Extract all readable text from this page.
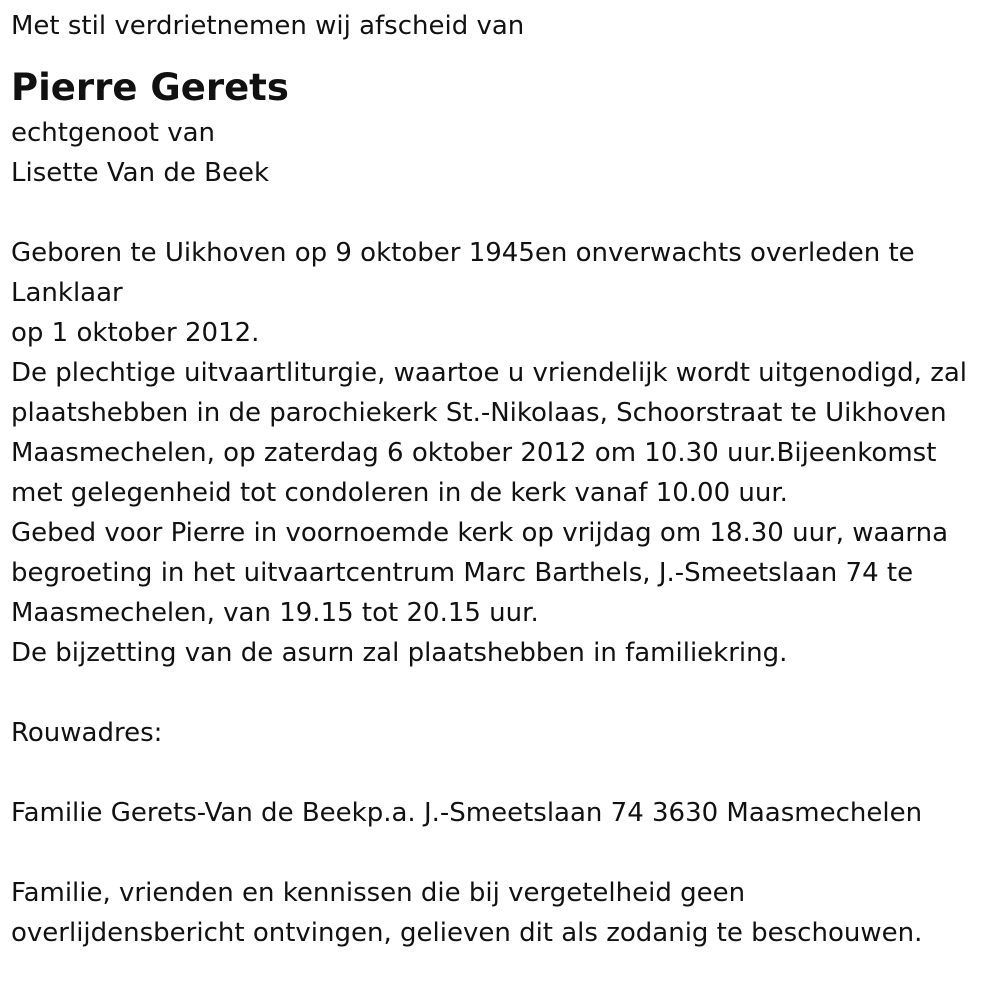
Met stil verdrietnemen wij afscheid van

Pierre Gerets

echtgenoot van

Lisette Van de Beek

Geboren te Uikhoven op 9 oktober 1945en onverwachts overleden te

Lanklaar

op 1 oktober 2012.

De plechtige uitvaartliturgie, waartoe u vriendelijk wordt uitgenodigd, zal

plaatshebben in de parochiekerk St.-Nikolaas, Schoorstraat te Uikhoven

Maasmechelen, op zaterdag 6 oktober 2012 om 10.30 uur.Bijeenkomst

met gelegenheid tot condoleren in de kerk vanaf 10.00 uur.

Gebed voor Pierre in voornoemde kerk op vrijdag om 18.30 uur, waarna

begroeting in het uitvaartcentrum Marc Barthels, J.-Smeetslaan 74 te

Maasmechelen, van 19.15 tot 20.15 uur.

De bijzetting van de asurn zal plaatshebben in familiekring.

Rouwadres:

Familie Gerets-Van de Beekp.a. J.-Smeetslaan 74 3630 Maasmechelen

Familie, vrienden en kennissen die bij vergetelheid geen

overlijdensbericht ontvingen, gelieven dit als zodanig te beschouwen.
